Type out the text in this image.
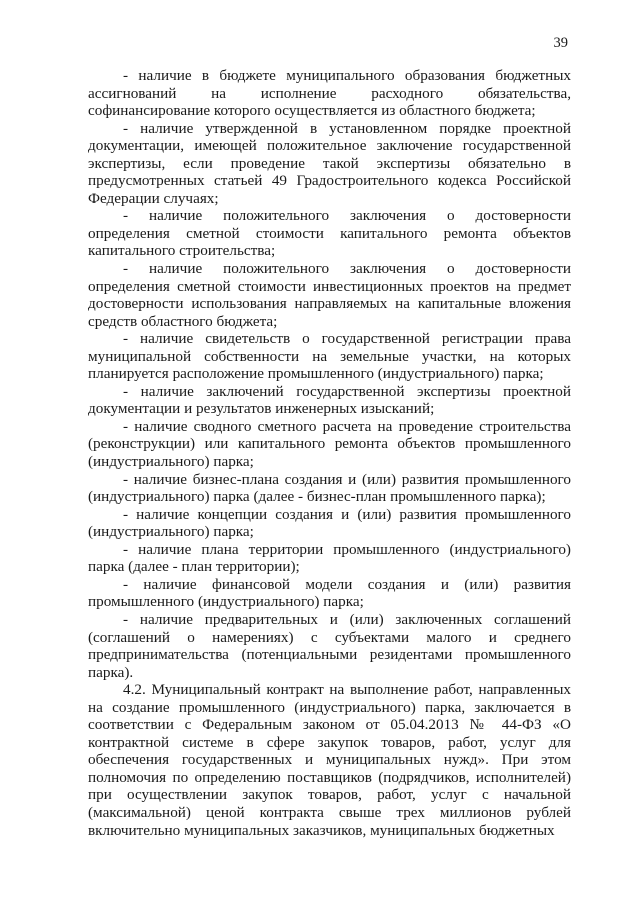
39

- наличие в бюджете муниципального образования бюджетных ассигнований на исполнение расходного обязательства, софинансирование которого осуществляется из областного бюджета;

- наличие утвержденной в установленном порядке проектной документации, имеющей положительное заключение государственной экспертизы, если проведение такой экспертизы обязательно в предусмотренных статьей 49 Градостроительного кодекса Российской Федерации случаях;

- наличие положительного заключения о достоверности определения сметной стоимости капитального ремонта объектов капитального строительства;

- наличие положительного заключения о достоверности определения сметной стоимости инвестиционных проектов на предмет достоверности использования направляемых на капитальные вложения средств областного бюджета;

- наличие свидетельств о государственной регистрации права муниципальной собственности на земельные участки, на которых планируется расположение промышленного (индустриального) парка;

- наличие заключений государственной экспертизы проектной документации и результатов инженерных изысканий;

- наличие сводного сметного расчета на проведение строительства (реконструкции) или капитального ремонта объектов промышленного (индустриального) парка;

- наличие бизнес-плана создания и (или) развития промышленного (индустриального) парка (далее - бизнес-план промышленного парка);

- наличие концепции создания и (или) развития промышленного (индустриального) парка;

- наличие плана территории промышленного (индустриального) парка (далее - план территории);

- наличие финансовой модели создания и (или) развития промышленного (индустриального) парка;

- наличие предварительных и (или) заключенных соглашений (соглашений о намерениях) с субъектами малого и среднего предпринимательства (потенциальными резидентами промышленного парка).

4.2. Муниципальный контракт на выполнение работ, направленных на создание промышленного (индустриального) парка, заключается в соответствии с Федеральным законом от 05.04.2013 № 44-ФЗ «О контрактной системе в сфере закупок товаров, работ, услуг для обеспечения государственных и муниципальных нужд». При этом полномочия по определению поставщиков (подрядчиков, исполнителей) при осуществлении закупок товаров, работ, услуг с начальной (максимальной) ценой контракта свыше трех миллионов рублей включительно муниципальных заказчиков, муниципальных бюджетных
